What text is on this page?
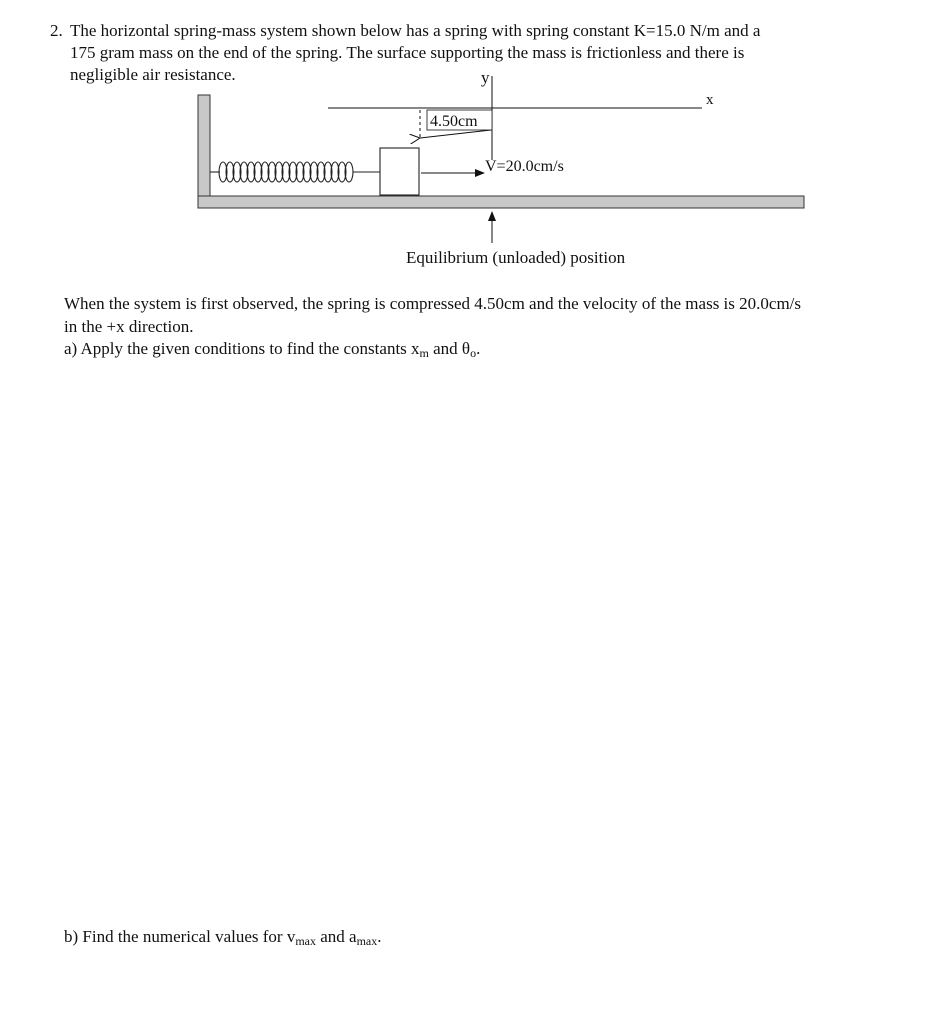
2. The horizontal spring-mass system shown below has a spring with spring constant K=15.0 N/m and a
175 gram mass on the end of the spring. The surface supporting the mass is frictionless and there is
negligible air resistance.	y
x
V=20.0cm/s
4.50cm
Equilibrium (unloaded) position
When the system is first observed, the spring is compressed 4.50cm and the velocity of the mass is 20.0cm/s
in the +x direction.
a) Apply the given conditions to find the constants $x_m$ and $\theta_o$.
b) Find the numerical values for $v_{max}$ and $a_{max}$.
